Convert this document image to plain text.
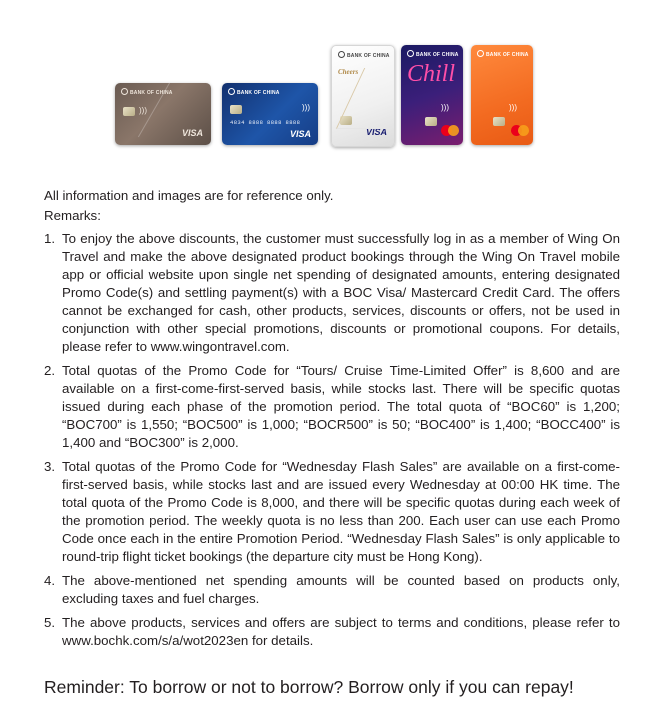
BANK OF CHINA
)))
VISA
BANK OF CHINA
)))
4834 8888 8888 8888
VISA
BANK OF CHINA
Cheers
VISA
BANK OF CHINA
Chill
)))
BANK OF CHINA
)))

All information and images are for reference only.

Remarks:

1. To enjoy the above discounts, the customer must successfully log in as a member of Wing On Travel and make the above designated product bookings through the Wing On Travel mobile app or official website upon single net spending of designated amounts, entering designated Promo Code(s) and settling payment(s) with a BOC Visa/ Mastercard Credit Card. The offers cannot be exchanged for cash, other products, services, discounts or offers, not be used in conjunction with other special promotions, discounts or promotional coupons. For details, please refer to www.wingontravel.com.
2. Total quotas of the Promo Code for “Tours/ Cruise Time-Limited Offer” is 8,600 and are available on a first-come-first-served basis, while stocks last. There will be specific quotas issued during each phase of the promotion period. The total quota of “BOC60” is 1,200; “BOC700” is 1,550; “BOC500” is 1,000; “BOCR500” is 50; “BOC400” is 1,400; “BOCC400” is 1,400 and “BOC300” is 2,000.
3. Total quotas of the Promo Code for “Wednesday Flash Sales” are available on a first-come-first-served basis, while stocks last and are issued every Wednesday at 00:00 HK time. The total quota of the Promo Code is 8,000, and there will be specific quotas during each week of the promotion period. The weekly quota is no less than 200. Each user can use each Promo Code once each in the entire Promotion Period. “Wednesday Flash Sales” is only applicable to round-trip flight ticket bookings (the departure city must be Hong Kong).
4. The above-mentioned net spending amounts will be counted based on products only, excluding taxes and fuel charges.
5. The above products, services and offers are subject to terms and conditions, please refer to www.bochk.com/s/a/wot2023en for details.

Reminder: To borrow or not to borrow? Borrow only if you can repay!
